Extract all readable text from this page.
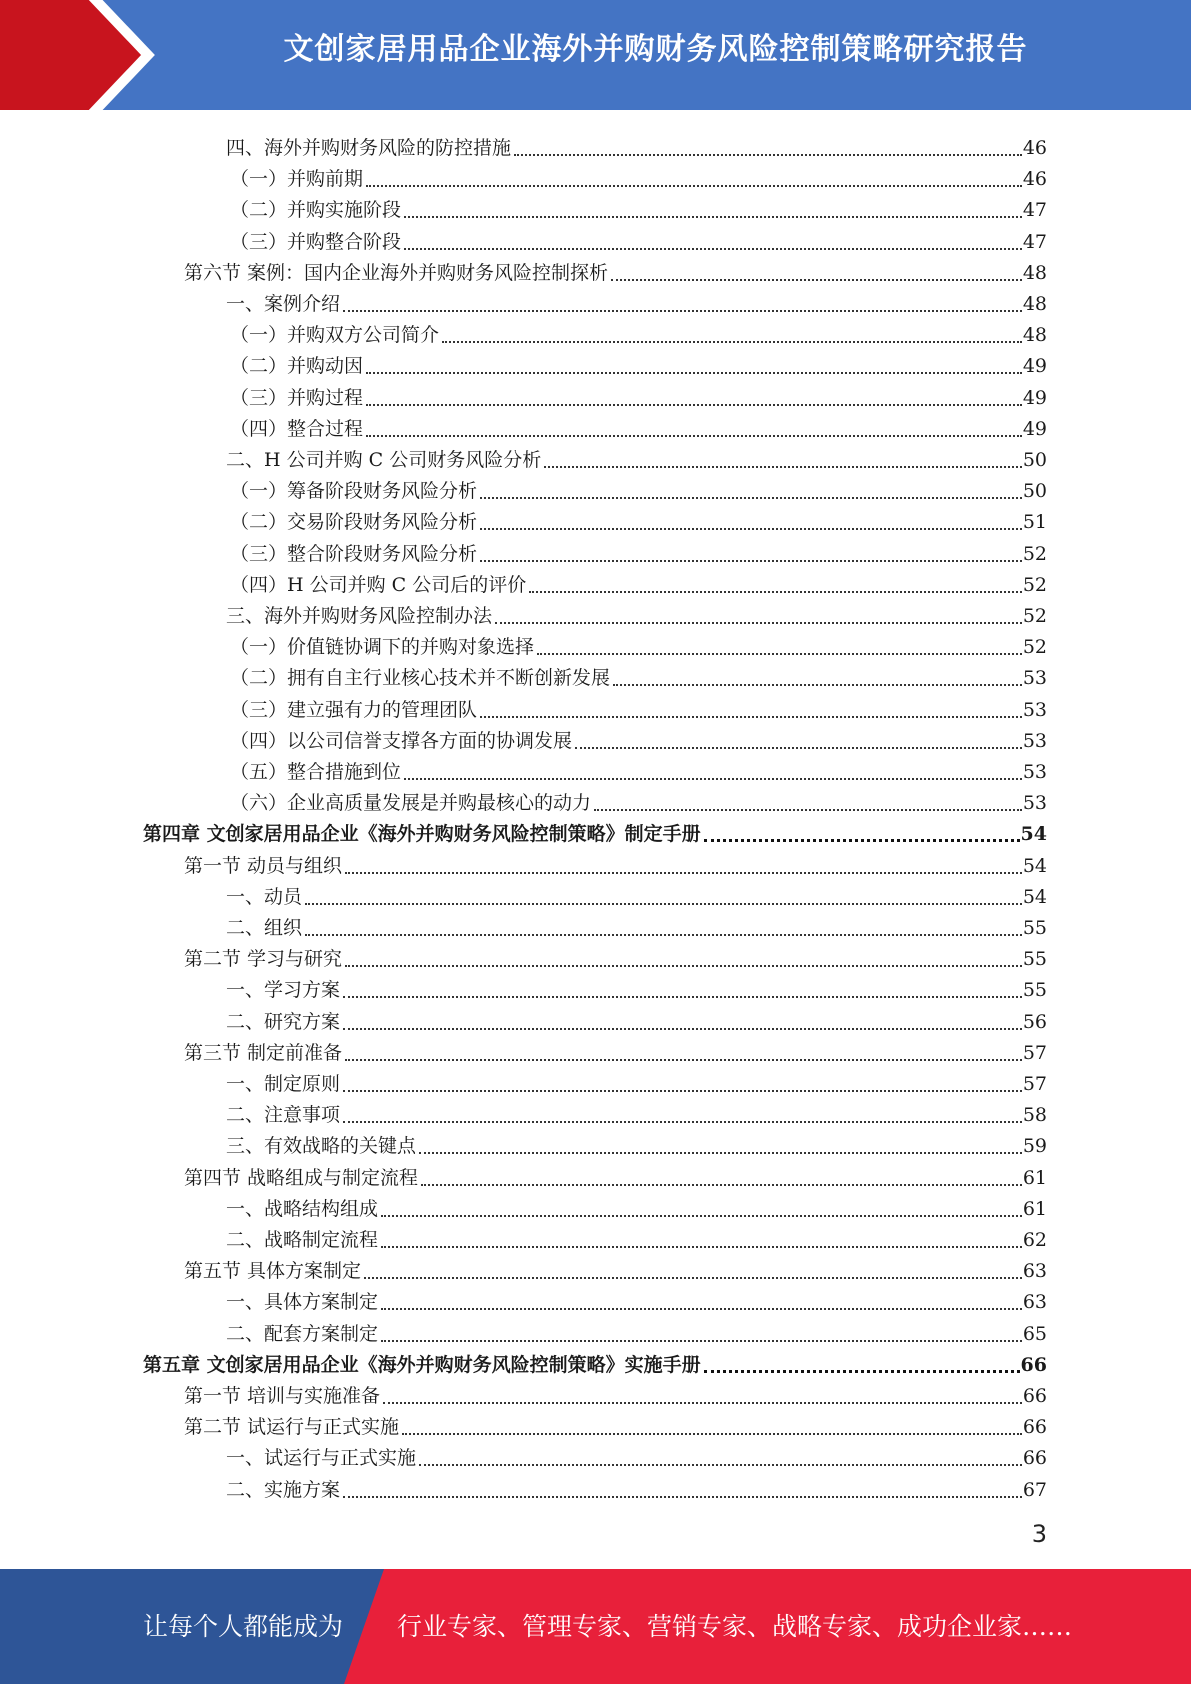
文创家居用品企业海外并购财务风险控制策略研究报告
四、海外并购财务风险的防控措施	46
（一）并购前期	46
（二）并购实施阶段	47
（三）并购整合阶段	47
第六节 案例：国内企业海外并购财务风险控制探析	48
一、案例介绍	48
（一）并购双方公司简介	48
（二）并购动因	49
（三）并购过程	49
（四）整合过程	49
二、H 公司并购 C 公司财务风险分析	50
（一）筹备阶段财务风险分析	50
（二）交易阶段财务风险分析	51
（三）整合阶段财务风险分析	52
（四）H 公司并购 C 公司后的评价	52
三、海外并购财务风险控制办法	52
（一）价值链协调下的并购对象选择	52
（二）拥有自主行业核心技术并不断创新发展	53
（三）建立强有力的管理团队	53
（四）以公司信誉支撑各方面的协调发展	53
（五）整合措施到位	53
（六）企业高质量发展是并购最核心的动力	53
第四章 文创家居用品企业《海外并购财务风险控制策略》制定手册	54
第一节 动员与组织	54
一、动员	54
二、组织	55
第二节 学习与研究	55
一、学习方案	55
二、研究方案	56
第三节 制定前准备	57
一、制定原则	57
二、注意事项	58
三、有效战略的关键点	59
第四节 战略组成与制定流程	61
一、战略结构组成	61
二、战略制定流程	62
第五节 具体方案制定	63
一、具体方案制定	63
二、配套方案制定	65
第五章 文创家居用品企业《海外并购财务风险控制策略》实施手册	66
第一节 培训与实施准备	66
第二节 试运行与正式实施	66
一、试运行与正式实施	66
二、实施方案	67
3
让每个人都能成为 行业专家、管理专家、营销专家、战略专家、成功企业家……
